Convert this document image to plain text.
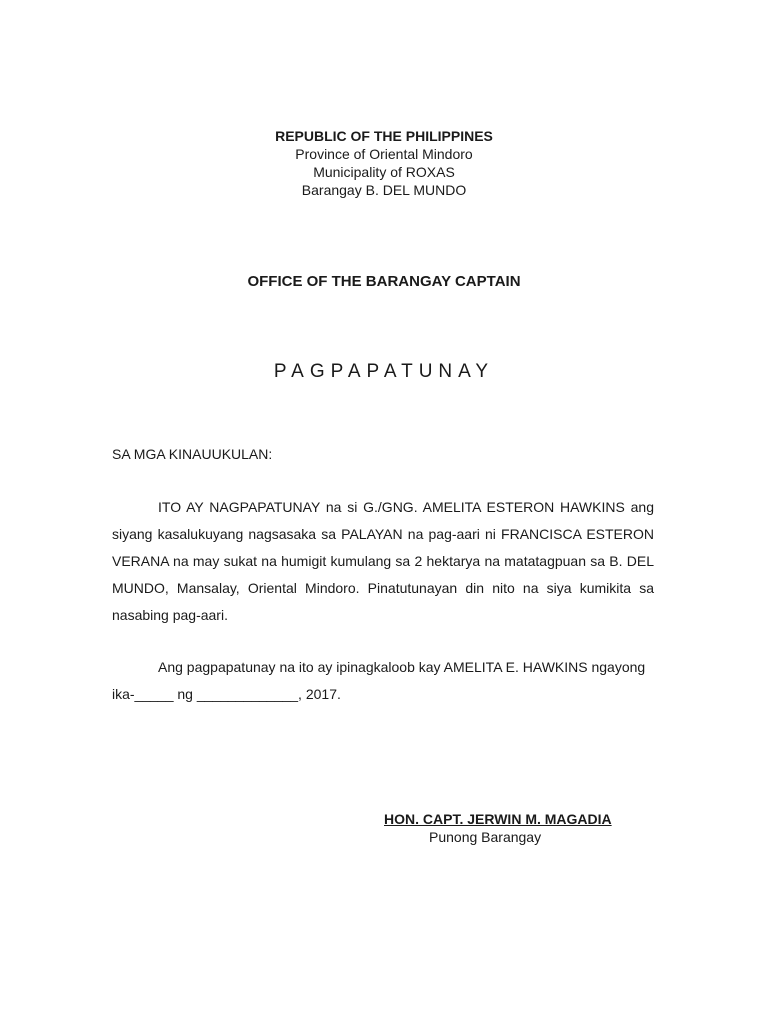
REPUBLIC OF THE PHILIPPINES
Province of Oriental Mindoro
Municipality of ROXAS
Barangay B. DEL MUNDO
OFFICE OF THE BARANGAY CAPTAIN
PAGPAPATUNAY
SA MGA KINAUUKULAN:
ITO AY NAGPAPATUNAY na si G./GNG. AMELITA ESTERON HAWKINS ang siyang kasalukuyang nagsasaka sa PALAYAN na pag-aari ni FRANCISCA ESTERON VERANA na may sukat na humigit kumulang sa 2 hektarya na matatagpuan sa B. DEL MUNDO, Mansalay, Oriental Mindoro. Pinatutunayan din nito na siya kumikita sa nasabing pag-aari.
Ang pagpapatunay na ito ay ipinagkaloob kay AMELITA E. HAWKINS ngayong ika-_____ ng _____________, 2017.
HON. CAPT. JERWIN M. MAGADIA
Punong Barangay
